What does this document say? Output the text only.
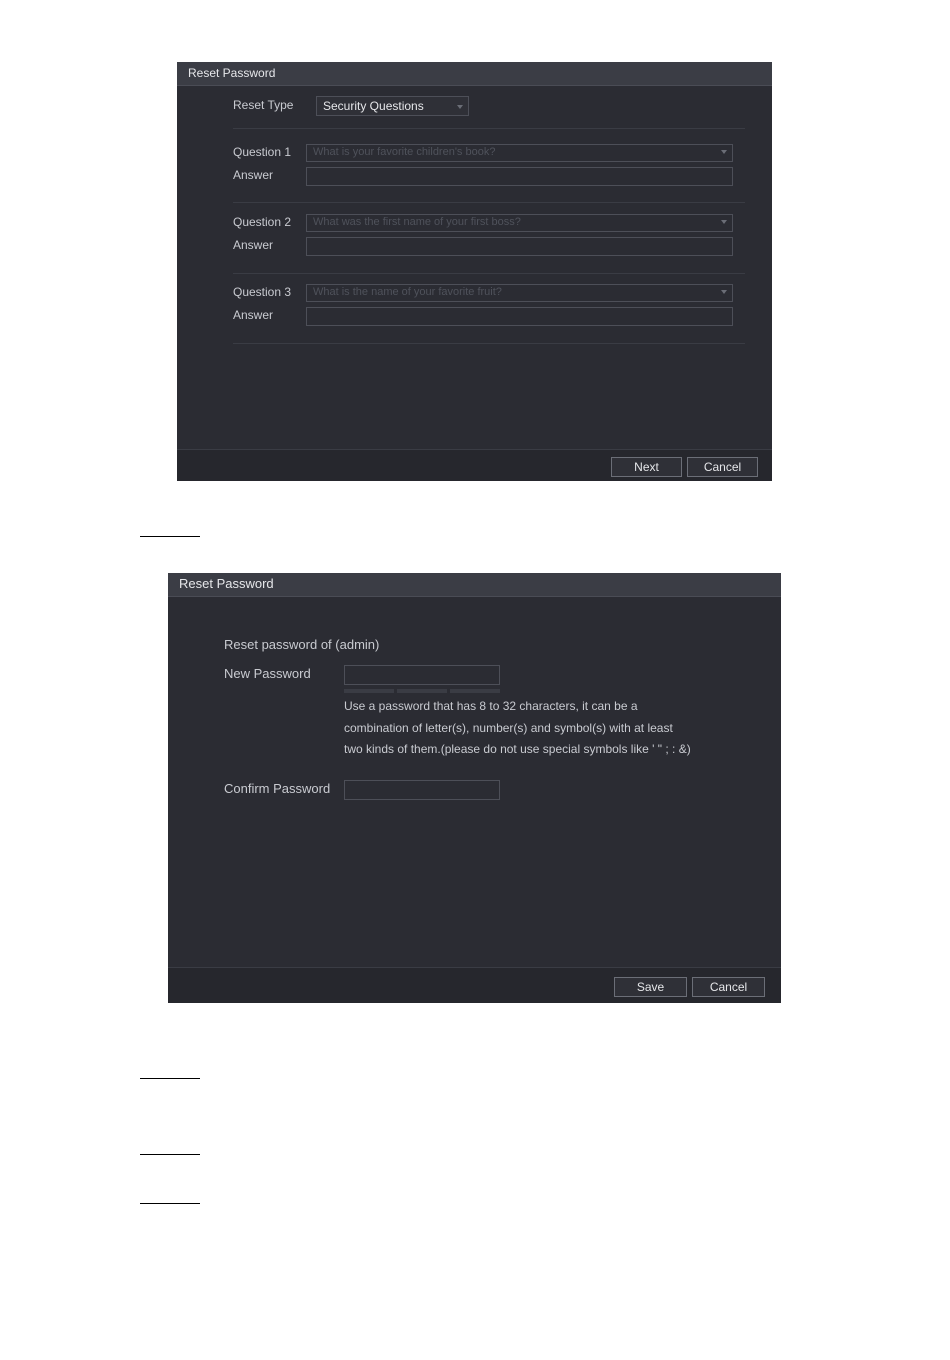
Reset Password
Reset Type Security Questions
Question 1 What is your favorite children's book?
Answer
Question 2 What was the first name of your first boss?
Answer
Question 3 What is the name of your favorite fruit?
Answer
Next	Cancel
Reset Password
Reset password of (admin)
New Password
Use a password that has 8 to 32 characters, it can be a
combination of letter(s), number(s) and symbol(s) with at least
two kinds of them.(please do not use special symbols like ' " ; : &)
Confirm Password
Save	Cancel
